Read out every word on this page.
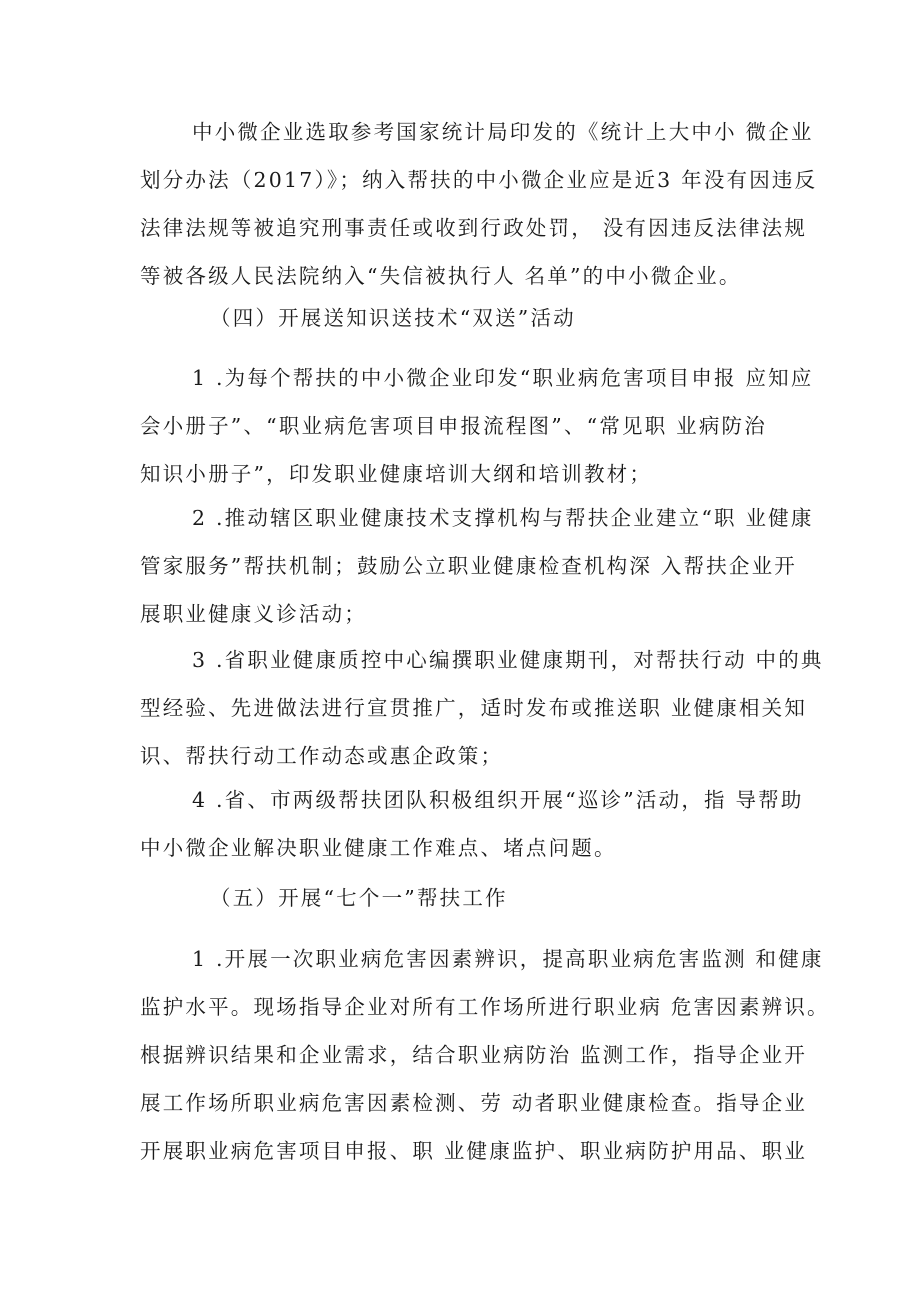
中小微企业选取参考国家统计局印发的《统计上大中小 微企业
划分办法（2017）》；纳入帮扶的中小微企业应是近3 年没有因违反
法律法规等被追究刑事责任或收到行政处罚， 没有因违反法律法规
等被各级人民法院纳入“失信被执行人 名单”的中小微企业。
（四）开展送知识送技术“双送”活动
1 .为每个帮扶的中小微企业印发“职业病危害项目申报 应知应
会小册子”、“职业病危害项目申报流程图”、“常见职 业病防治
知识小册子”，印发职业健康培训大纲和培训教材；
2 .推动辖区职业健康技术支撑机构与帮扶企业建立“职 业健康
管家服务”帮扶机制；鼓励公立职业健康检查机构深 入帮扶企业开
展职业健康义诊活动；
3 .省职业健康质控中心编撰职业健康期刊，对帮扶行动 中的典
型经验、先进做法进行宣贯推广，适时发布或推送职 业健康相关知
识、帮扶行动工作动态或惠企政策；
4 .省、市两级帮扶团队积极组织开展“巡诊”活动，指 导帮助
中小微企业解决职业健康工作难点、堵点问题。
（五）开展“七个一”帮扶工作
1 .开展一次职业病危害因素辨识，提高职业病危害监测 和健康
监护水平。现场指导企业对所有工作场所进行职业病 危害因素辨识。
根据辨识结果和企业需求，结合职业病防治 监测工作，指导企业开
展工作场所职业病危害因素检测、劳 动者职业健康检查。指导企业
开展职业病危害项目申报、职 业健康监护、职业病防护用品、职业
